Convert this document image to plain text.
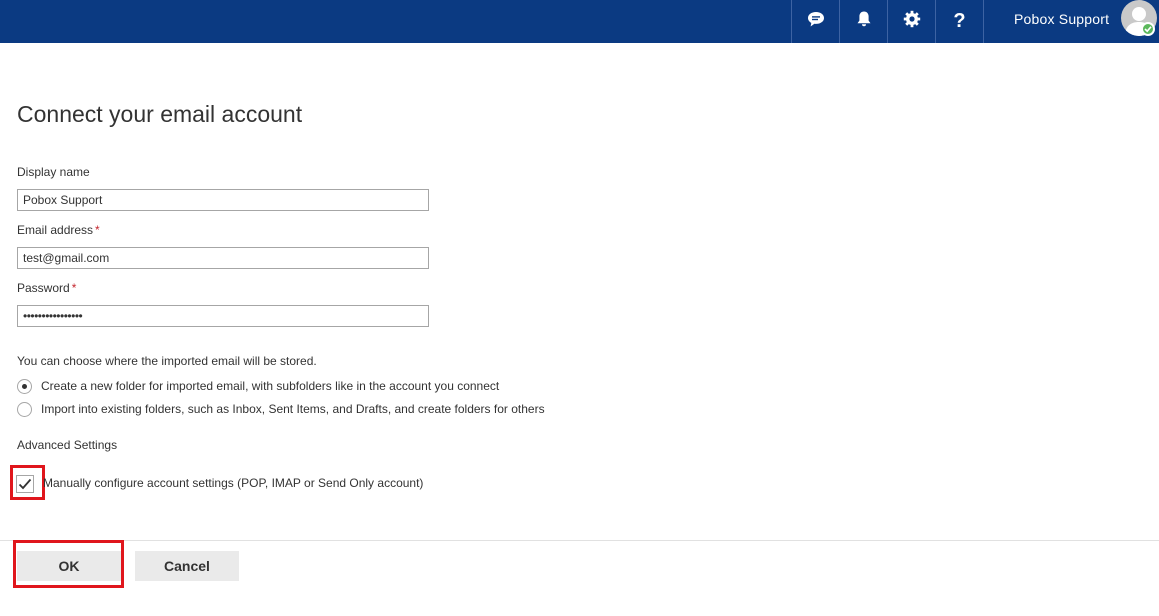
?	Pobox Support
Connect your email account
Display name
Pobox Support
Email address *
test@gmail.com
Password *
••••••••••••••••
You can choose where the imported email will be stored.
Create a new folder for imported email, with subfolders like in the account you connect
Import into existing folders, such as Inbox, Sent Items, and Drafts, and create folders for others
Advanced Settings
Manually configure account settings (POP, IMAP or Send Only account)
OK	Cancel
